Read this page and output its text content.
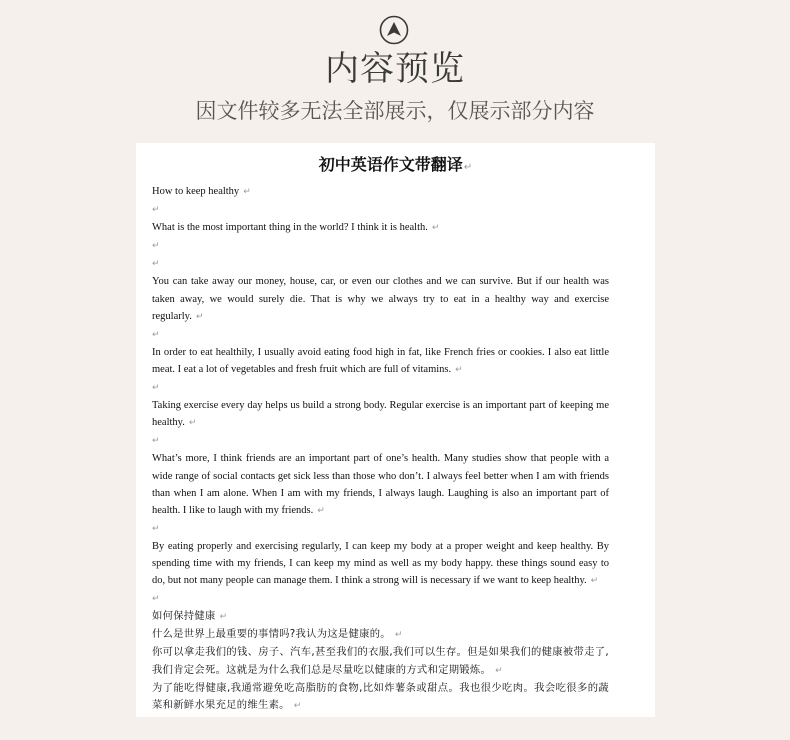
内容预览
因文件较多无法全部展示，仅展示部分内容
初中英语作文带翻译↵

How to keep healthy ↵

↵

What is the most important thing in the world? I think it is health. ↵

↵

↵

You can take away our money, house, car, or even our clothes and we can survive. But if our health was taken away, we would surely die. That is why we always try to eat in a healthy way and exercise regularly. ↵

↵

In order to eat healthily, I usually avoid eating food high in fat, like French fries or cookies. I also eat little meat. I eat a lot of vegetables and fresh fruit which are full of vitamins. ↵

↵

Taking exercise every day helps us build a strong body. Regular exercise is an important part of keeping me healthy. ↵

↵

What’s more, I think friends are an important part of one’s health. Many studies show that people with a wide range of social contacts get sick less than those who don’t. I always feel better when I am with friends than when I am alone. When I am with my friends, I always laugh. Laughing is also an important part of health. I like to laugh with my friends. ↵

↵

By eating properly and exercising regularly, I can keep my body at a proper weight and keep healthy. By spending time with my friends, I can keep my mind as well as my body happy. these things sound easy to do, but not many people can manage them. I think a strong will is necessary if we want to keep healthy. ↵

↵

如何保持健康 ↵

什么是世界上最重要的事情吗?我认为这是健康的。 ↵

你可以拿走我们的钱、房子、汽车,甚至我们的衣服,我们可以生存。但是如果我们的健康被带走了,我们肯定会死。这就是为什么我们总是尽量吃以健康的方式和定期锻炼。 ↵

为了能吃得健康,我通常避免吃高脂肪的食物,比如炸薯条或甜点。我也很少吃肉。我会吃很多的蔬菜和新鲜水果充足的维生素。 ↵
